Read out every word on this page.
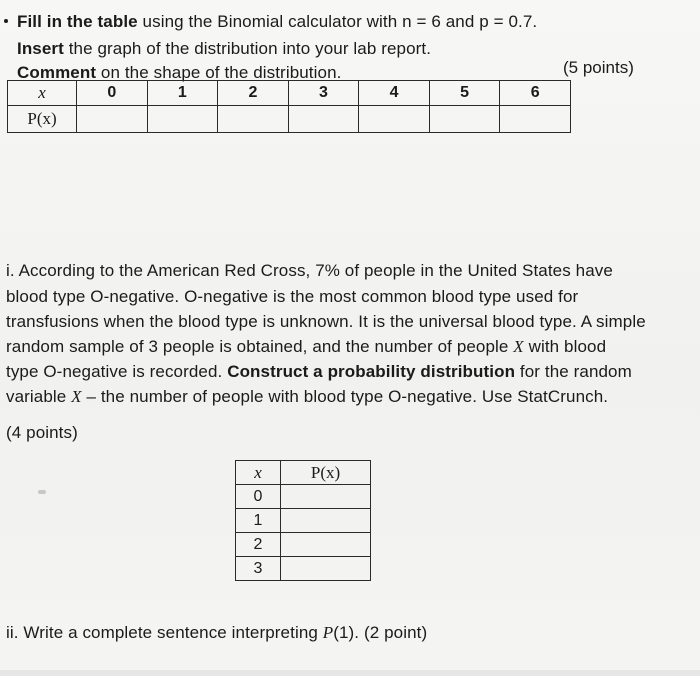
Fill in the table using the Binomial calculator with n = 6 and p = 0.7.
Insert the graph of the distribution into your lab report.
Comment on the shape of the distribution.	(5 points)
x	0	1	2	3	4	5	6
P(x)							
i. According to the American Red Cross, 7% of people in the United States have
blood type O-negative. O-negative is the most common blood type used for
transfusions when the blood type is unknown. It is the universal blood type. A simple
random sample of 3 people is obtained, and the number of people X with blood
type O-negative is recorded. Construct a probability distribution for the random
variable X – the number of people with blood type O-negative. Use StatCrunch.
(4 points)
x	P(x)
0	
1	
2	
3	
ii. Write a complete sentence interpreting P(1). (2 point)
